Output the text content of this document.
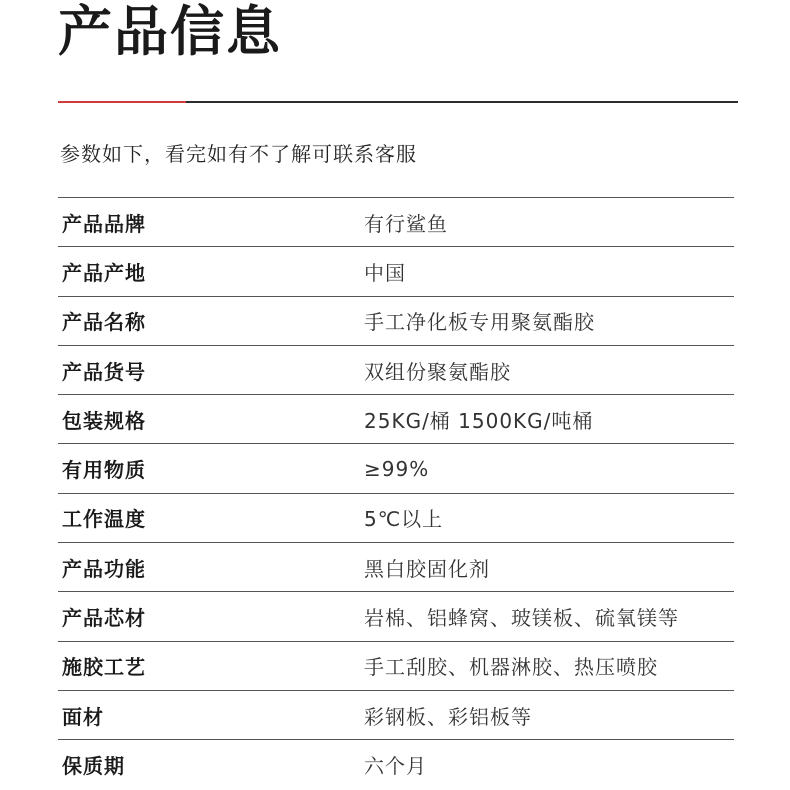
产品信息
参数如下，看完如有不了解可联系客服
产品品牌	有行鲨鱼
产品产地	中国
产品名称	手工净化板专用聚氨酯胶
产品货号	双组份聚氨酯胶
包装规格	25KG/桶 1500KG/吨桶
有用物质	≥99%
工作温度	5℃以上
产品功能	黑白胶固化剂
产品芯材	岩棉、铝蜂窝、玻镁板、硫氧镁等
施胶工艺	手工刮胶、机器淋胶、热压喷胶
面材	彩钢板、彩铝板等
保质期	六个月
